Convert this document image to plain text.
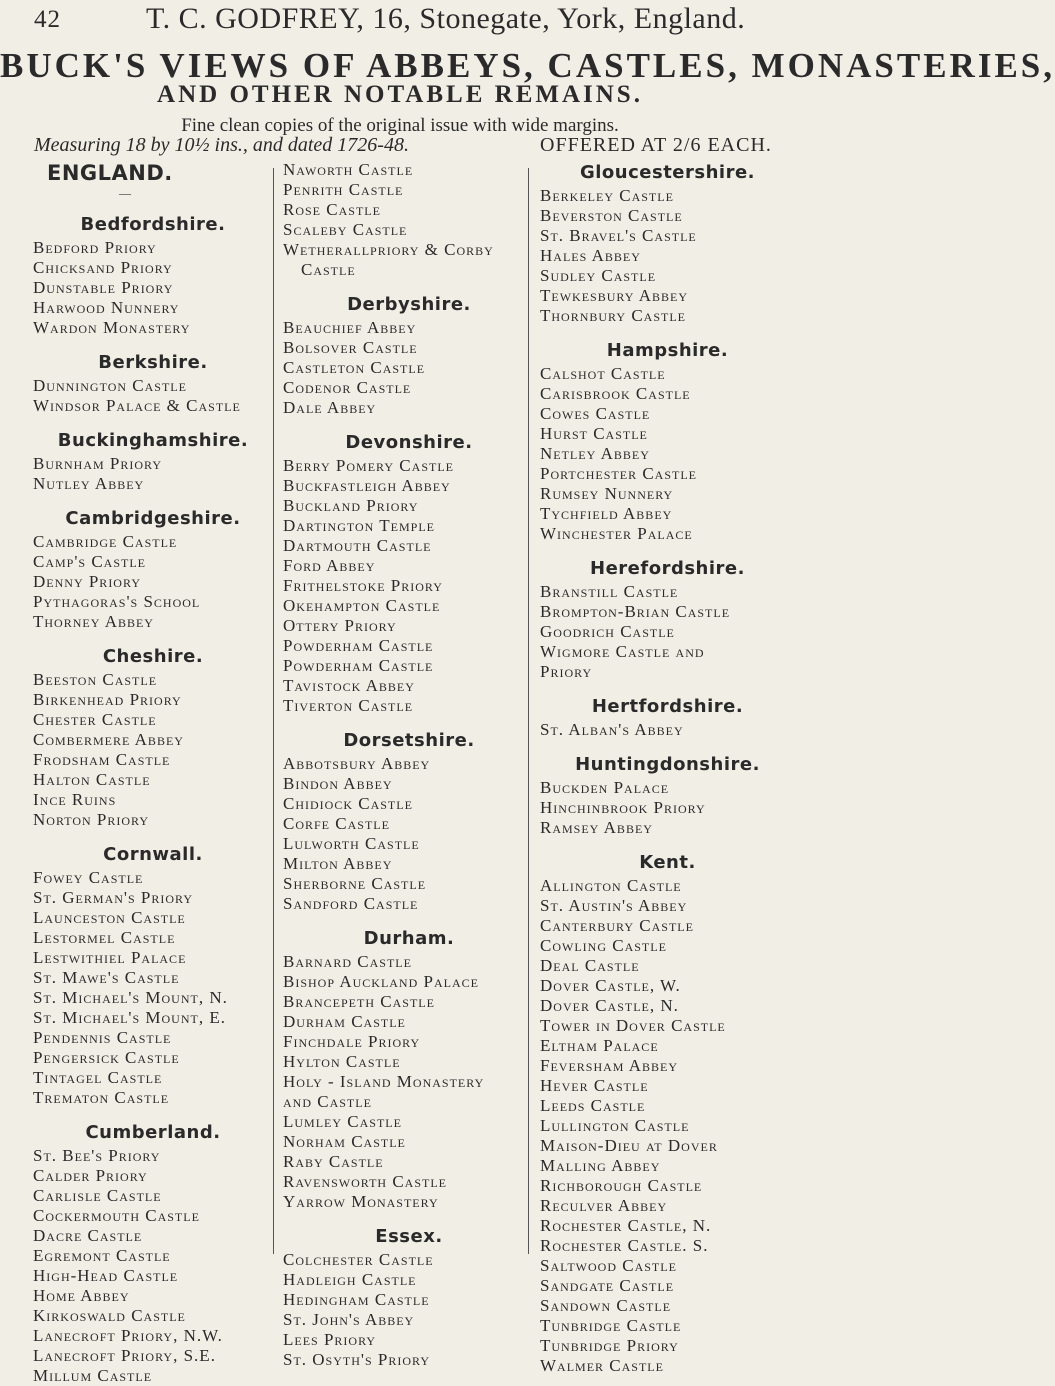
42	T. C. GODFREY, 16, Stonegate, York, England.
BUCK'S VIEWS OF ABBEYS, CASTLES, MONASTERIES,
AND OTHER NOTABLE REMAINS.
Fine clean copies of the original issue with wide margins.
Measuring 18 by 10½ ins., and dated 1726-48.	OFFERED AT 2/6 EACH.
ENGLAND.
—
Bedfordshire.
Bedford Priory
Chicksand Priory
Dunstable Priory
Harwood Nunnery
Wardon Monastery
Berkshire.
Dunnington Castle
Windsor Palace & Castle
Buckinghamshire.
Burnham Priory
Nutley Abbey
Cambridgeshire.
Cambridge Castle
Camp's Castle
Denny Priory
Pythagoras's School
Thorney Abbey
Cheshire.
Beeston Castle
Birkenhead Priory
Chester Castle
Combermere Abbey
Frodsham Castle
Halton Castle
Ince Ruins
Norton Priory
Cornwall.
Fowey Castle
St. German's Priory
Launceston Castle
Lestormel Castle
Lestwithiel Palace
St. Mawe's Castle
St. Michael's Mount, N.
St. Michael's Mount, E.
Pendennis Castle
Pengersick Castle
Tintagel Castle
Trematon Castle
Cumberland.
St. Bee's Priory
Calder Priory
Carlisle Castle
Cockermouth Castle
Dacre Castle
Egremont Castle
High-Head Castle
Home Abbey
Kirkoswald Castle
Lanecroft Priory, N.W.
Lanecroft Priory, S.E.
Millum Castle
Naworth Castle
Penrith Castle
Rose Castle
Scaleby Castle
Wetherallpriory & Corby
Castle
Derbyshire.
Beauchief Abbey
Bolsover Castle
Castleton Castle
Codenor Castle
Dale Abbey
Devonshire.
Berry Pomery Castle
Buckfastleigh Abbey
Buckland Priory
Dartington Temple
Dartmouth Castle
Ford Abbey
Frithelstoke Priory
Okehampton Castle
Ottery Priory
Powderham Castle
Powderham Castle
Tavistock Abbey
Tiverton Castle
Dorsetshire.
Abbotsbury Abbey
Bindon Abbey
Chidiock Castle
Corfe Castle
Lulworth Castle
Milton Abbey
Sherborne Castle
Sandford Castle
Durham.
Barnard Castle
Bishop Auckland Palace
Brancepeth Castle
Durham Castle
Finchdale Priory
Hylton Castle
Holy - Island Monastery
and Castle
Lumley Castle
Norham Castle
Raby Castle
Ravensworth Castle
Yarrow Monastery
Essex.
Colchester Castle
Hadleigh Castle
Hedingham Castle
St. John's Abbey
Lees Priory
St. Osyth's Priory
Gloucestershire.
Berkeley Castle
Beverston Castle
St. Bravel's Castle
Hales Abbey
Sudley Castle
Tewkesbury Abbey
Thornbury Castle
Hampshire.
Calshot Castle
Carisbrook Castle
Cowes Castle
Hurst Castle
Netley Abbey
Portchester Castle
Rumsey Nunnery
Tychfield Abbey
Winchester Palace
Herefordshire.
Branstill Castle
Brompton-Brian Castle
Goodrich Castle
Wigmore Castle and
Priory
Hertfordshire.
St. Alban's Abbey
Huntingdonshire.
Buckden Palace
Hinchinbrook Priory
Ramsey Abbey
Kent.
Allington Castle
St. Austin's Abbey
Canterbury Castle
Cowling Castle
Deal Castle
Dover Castle, W.
Dover Castle, N.
Tower in Dover Castle
Eltham Palace
Feversham Abbey
Hever Castle
Leeds Castle
Lullington Castle
Maison-Dieu at Dover
Malling Abbey
Richborough Castle
Reculver Abbey
Rochester Castle, N.
Rochester Castle. S.
Saltwood Castle
Sandgate Castle
Sandown Castle
Tunbridge Castle
Tunbridge Priory
Walmer Castle
